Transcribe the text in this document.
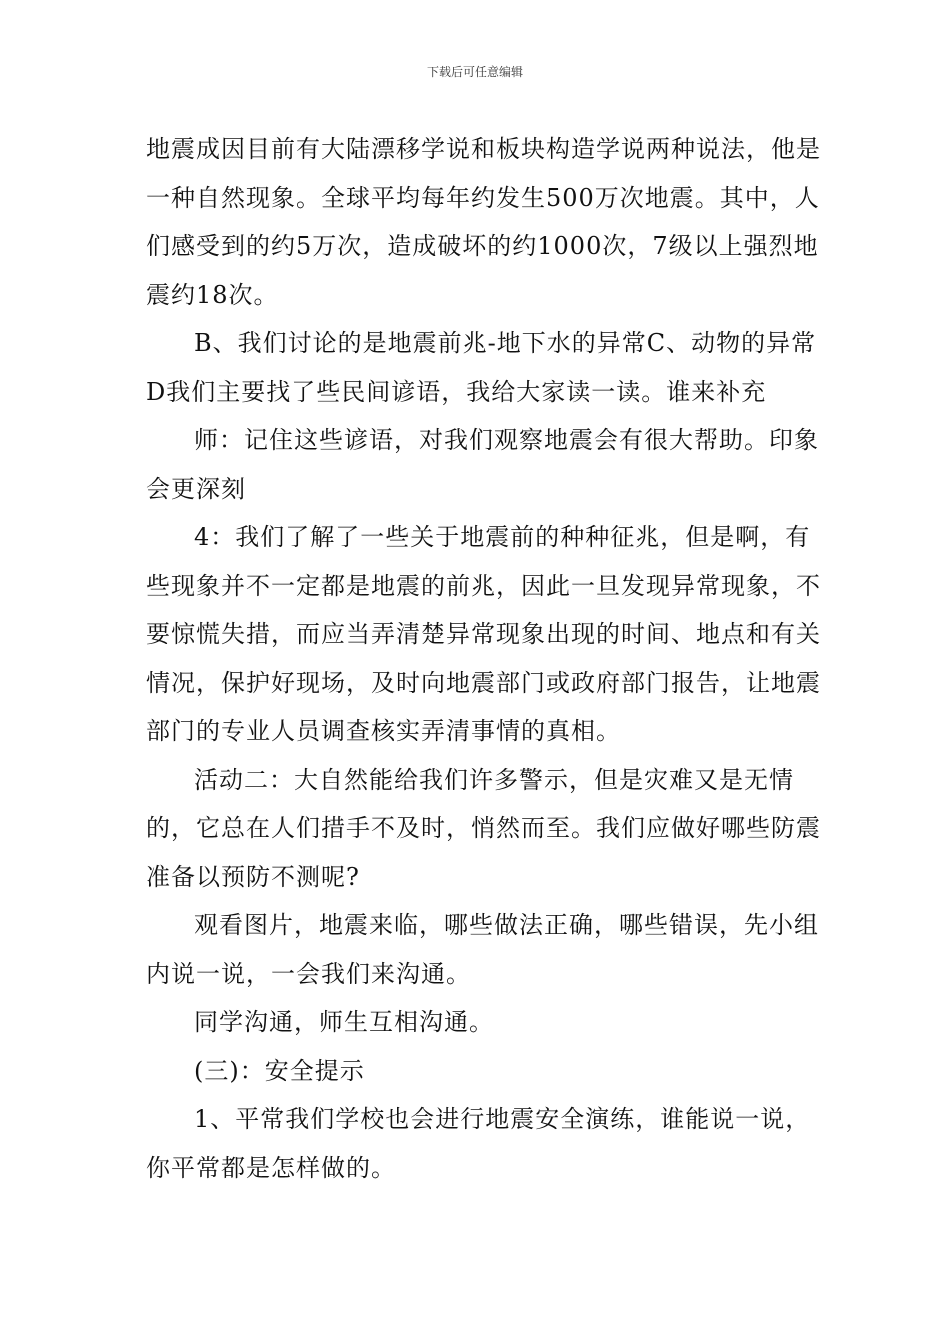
下载后可任意编辑

地震成因目前有大陆漂移学说和板块构造学说两种说法，他是一种自然现象。全球平均每年约发生500万次地震。其中，人们感受到的约5万次，造成破坏的约1000次，7级以上强烈地震约18次。

B、我们讨论的是地震前兆-地下水的异常C、动物的异常D我们主要找了些民间谚语，我给大家读一读。谁来补充

师：记住这些谚语，对我们观察地震会有很大帮助。印象会更深刻

4：我们了解了一些关于地震前的种种征兆，但是啊，有些现象并不一定都是地震的前兆，因此一旦发现异常现象，不要惊慌失措，而应当弄清楚异常现象出现的时间、地点和有关情况，保护好现场，及时向地震部门或政府部门报告，让地震部门的专业人员调查核实弄清事情的真相。

活动二：大自然能给我们许多警示，但是灾难又是无情的，它总在人们措手不及时，悄然而至。我们应做好哪些防震准备以预防不测呢?

观看图片，地震来临，哪些做法正确，哪些错误，先小组内说一说，一会我们来沟通。

同学沟通，师生互相沟通。

(三)：安全提示

1、平常我们学校也会进行地震安全演练，谁能说一说，你平常都是怎样做的。
